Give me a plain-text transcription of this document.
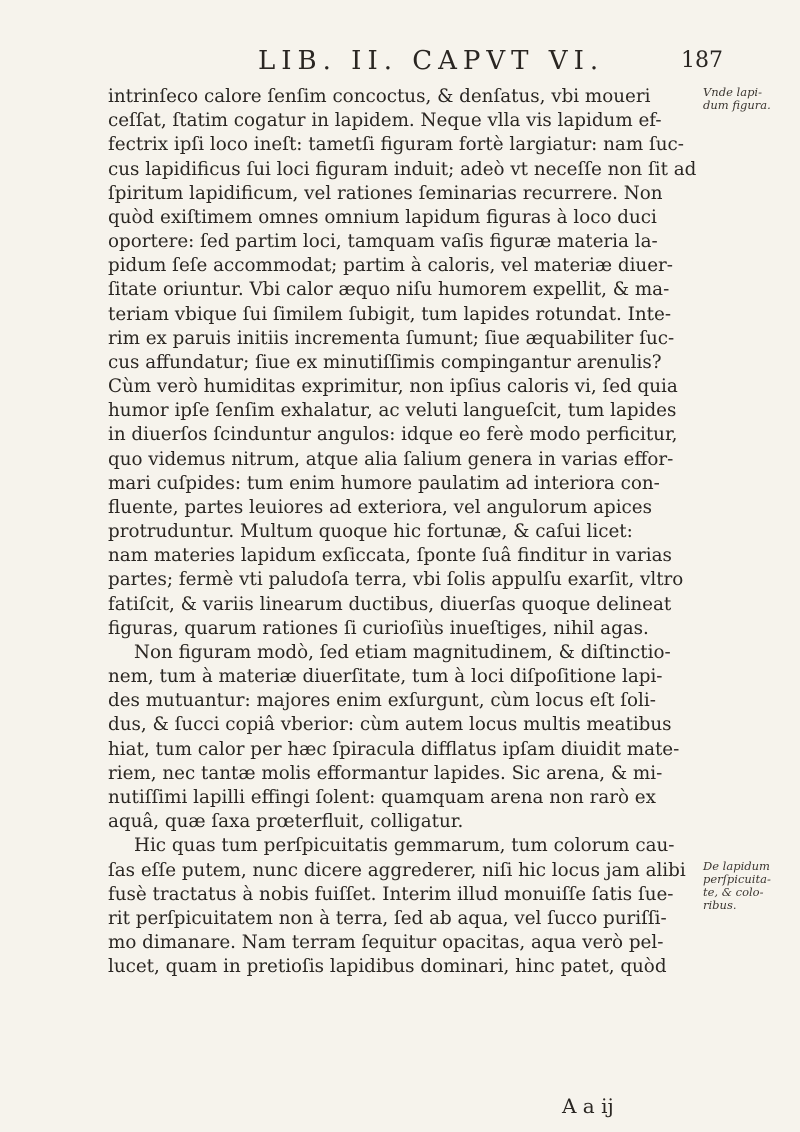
LIB. II. CAPVT VI.	187
intrinſeco calore ſenſim concoctus, & denſatus, vbi moueri
ceſſat, ſtatim cogatur in lapidem. Neque vlla vis lapidum ef-
fectrix ipſi loco ineſt: tametſi figuram fortè largiatur: nam ſuc-
cus lapidificus ſui loci figuram induit; adeò vt neceſſe non ſit ad
ſpiritum lapidificum, vel rationes ſeminarias recurrere. Non
quòd exiſtimem omnes omnium lapidum figuras à loco duci
oportere: ſed partim loci, tamquam vaſis figuræ materia la-
pidum ſeſe accommodat; partim à caloris, vel materiæ diuer-
ſitate oriuntur. Vbi calor æquo niſu humorem expellit, & ma-
teriam vbique ſui ſimilem ſubigit, tum lapides rotundat. Inte-
rim ex paruis initiis incrementa ſumunt; ſiue æquabiliter ſuc-
cus affundatur; ſiue ex minutiſſimis compingantur arenulis?
Cùm verò humiditas exprimitur, non ipſius caloris vi, ſed quia
humor ipſe ſenſim exhalatur, ac veluti langueſcit, tum lapides
in diuerſos ſcinduntur angulos: idque eo ferè modo perficitur,
quo videmus nitrum, atque alia ſalium genera in varias effor-
mari cuſpides: tum enim humore paulatim ad interiora con-
fluente, partes leuiores ad exteriora, vel angulorum apices
protruduntur. Multum quoque hic fortunæ, & caſui licet:
nam materies lapidum exſiccata, ſponte ſuâ finditur in varias
partes; fermè vti paludoſa terra, vbi ſolis appulſu exarſit, vltro
fatiſcit, & variis linearum ductibus, diuerſas quoque delineat
figuras, quarum rationes ſi curioſiùs inueſtiges, nihil agas.
Non figuram modò, ſed etiam magnitudinem, & diſtinctio-
nem, tum à materiæ diuerſitate, tum à loci diſpoſitione lapi-
des mutuantur: majores enim exſurgunt, cùm locus eſt ſoli-
dus, & ſucci copiâ vberior: cùm autem locus multis meatibus
hiat, tum calor per hæc ſpiracula difflatus ipſam diuidit mate-
riem, nec tantæ molis efformantur lapides. Sic arena, & mi-
nutiſſimi lapilli effingi ſolent: quamquam arena non rarò ex
aquâ, quæ ſaxa prœterfluit, colligatur.
Hic quas tum perſpicuitatis gemmarum, tum colorum cau-
ſas eſſe putem, nunc dicere aggrederer, niſi hic locus jam alibi
fusè tractatus à nobis fuiſſet. Interim illud monuiſſe ſatis ſue-
rit perſpicuitatem non à terra, ſed ab aqua, vel ſucco puriſſi-
mo dimanare. Nam terram ſequitur opacitas, aqua verò pel-
lucet, quam in pretioſis lapidibus dominari, hinc patet, quòd
A a ij
Vnde lapi-
dum figura.
De lapidum
perſpicuita-
te, & colo-
ribus.
